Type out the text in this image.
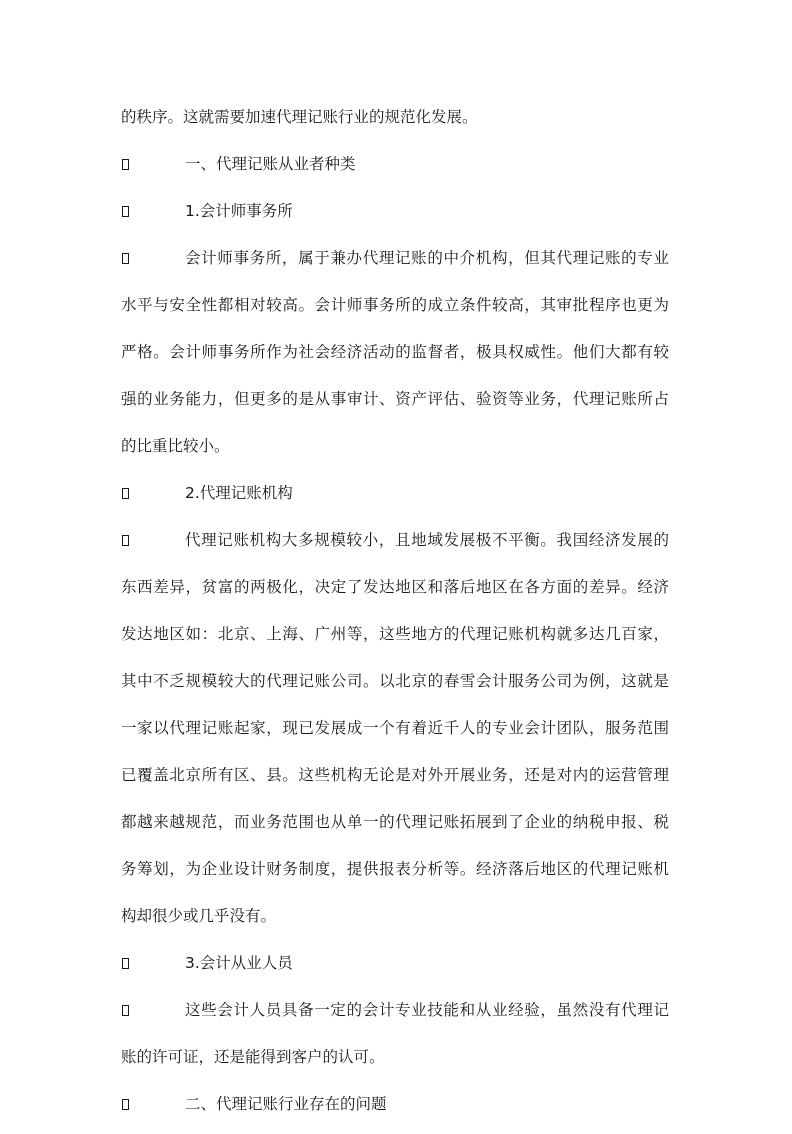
的秩序。这就需要加速代理记账行业的规范化发展。
一、代理记账从业者种类
1.会计师事务所
会计师事务所，属于兼办代理记账的中介机构，但其代理记账的专业
水平与安全性都相对较高。会计师事务所的成立条件较高，其审批程序也更为
严格。会计师事务所作为社会经济活动的监督者，极具权威性。他们大都有较
强的业务能力，但更多的是从事审计、资产评估、验资等业务，代理记账所占
的比重比较小。
2.代理记账机构
代理记账机构大多规模较小，且地域发展极不平衡。我国经济发展的
东西差异，贫富的两极化，决定了发达地区和落后地区在各方面的差异。经济
发达地区如：北京、上海、广州等，这些地方的代理记账机构就多达几百家，
其中不乏规模较大的代理记账公司。以北京的春雪会计服务公司为例，这就是
一家以代理记账起家，现已发展成一个有着近千人的专业会计团队，服务范围
已覆盖北京所有区、县。这些机构无论是对外开展业务，还是对内的运营管理
都越来越规范，而业务范围也从单一的代理记账拓展到了企业的纳税申报、税
务筹划，为企业设计财务制度，提供报表分析等。经济落后地区的代理记账机
构却很少或几乎没有。
3.会计从业人员
这些会计人员具备一定的会计专业技能和从业经验，虽然没有代理记
账的许可证，还是能得到客户的认可。
二、代理记账行业存在的问题
